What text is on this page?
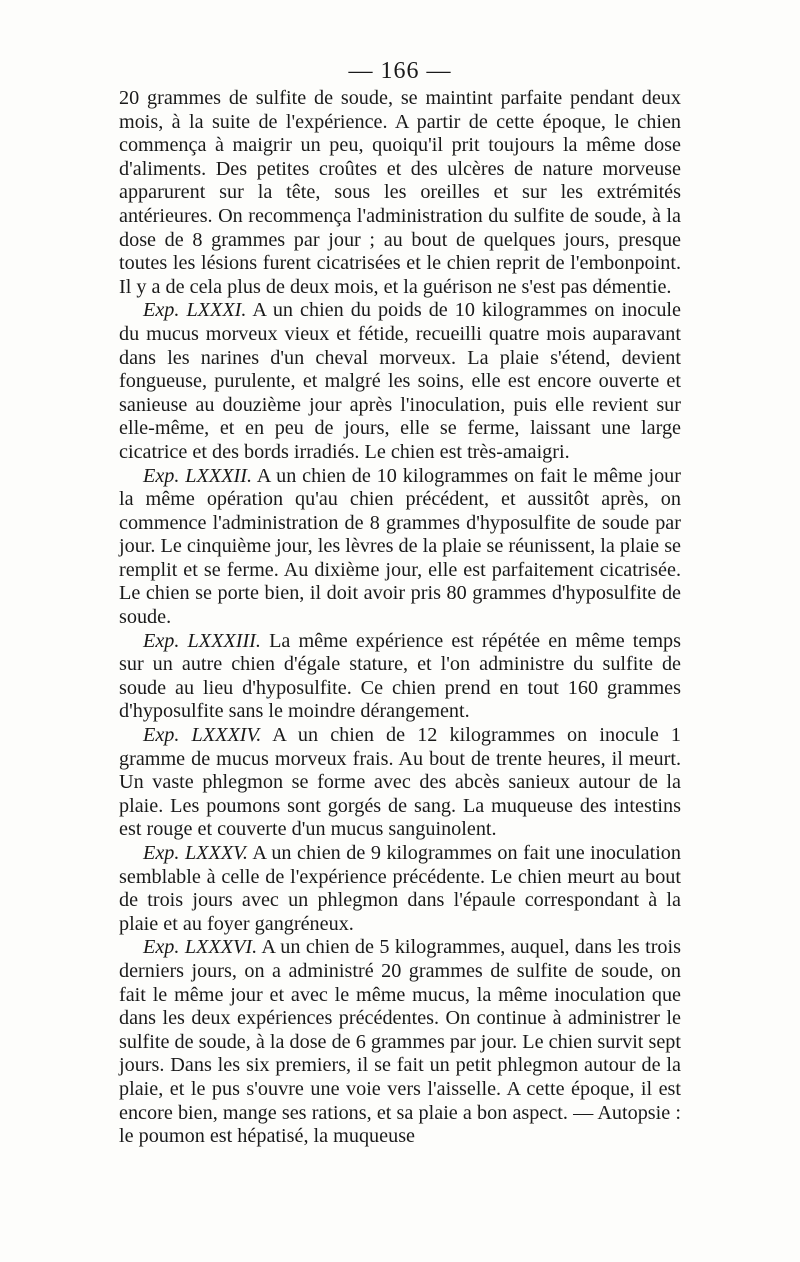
— 166 —

20 grammes de sulfite de soude, se maintint parfaite pendant deux mois, à la suite de l'expérience. A partir de cette époque, le chien commença à maigrir un peu, quoiqu'il prit toujours la même dose d'aliments. Des petites croûtes et des ulcères de nature morveuse apparurent sur la tête, sous les oreilles et sur les extrémités antérieures. On recommença l'administration du sulfite de soude, à la dose de 8 grammes par jour ; au bout de quelques jours, presque toutes les lésions furent cicatrisées et le chien reprit de l'embonpoint. Il y a de cela plus de deux mois, et la guérison ne s'est pas démentie.

Exp. LXXXI. A un chien du poids de 10 kilogrammes on inocule du mucus morveux vieux et fétide, recueilli quatre mois auparavant dans les narines d'un cheval morveux. La plaie s'étend, devient fongueuse, purulente, et malgré les soins, elle est encore ouverte et sanieuse au douzième jour après l'inoculation, puis elle revient sur elle-même, et en peu de jours, elle se ferme, laissant une large cicatrice et des bords irradiés. Le chien est très-amaigri.

Exp. LXXXII. A un chien de 10 kilogrammes on fait le même jour la même opération qu'au chien précédent, et aussitôt après, on commence l'administration de 8 grammes d'hyposulfite de soude par jour. Le cinquième jour, les lèvres de la plaie se réunissent, la plaie se remplit et se ferme. Au dixième jour, elle est parfaitement cicatrisée. Le chien se porte bien, il doit avoir pris 80 grammes d'hyposulfite de soude.

Exp. LXXXIII. La même expérience est répétée en même temps sur un autre chien d'égale stature, et l'on administre du sulfite de soude au lieu d'hyposulfite. Ce chien prend en tout 160 grammes d'hyposulfite sans le moindre dérangement.

Exp. LXXXIV. A un chien de 12 kilogrammes on inocule 1 gramme de mucus morveux frais. Au bout de trente heures, il meurt. Un vaste phlegmon se forme avec des abcès sanieux autour de la plaie. Les poumons sont gorgés de sang. La muqueuse des intestins est rouge et couverte d'un mucus sanguinolent.

Exp. LXXXV. A un chien de 9 kilogrammes on fait une inoculation semblable à celle de l'expérience précédente. Le chien meurt au bout de trois jours avec un phlegmon dans l'épaule correspondant à la plaie et au foyer gangréneux.

Exp. LXXXVI. A un chien de 5 kilogrammes, auquel, dans les trois derniers jours, on a administré 20 grammes de sulfite de soude, on fait le même jour et avec le même mucus, la même inoculation que dans les deux expériences précédentes. On continue à administrer le sulfite de soude, à la dose de 6 grammes par jour. Le chien survit sept jours. Dans les six premiers, il se fait un petit phlegmon autour de la plaie, et le pus s'ouvre une voie vers l'aisselle. A cette époque, il est encore bien, mange ses rations, et sa plaie a bon aspect. — Autopsie : le poumon est hépatisé, la muqueuse
